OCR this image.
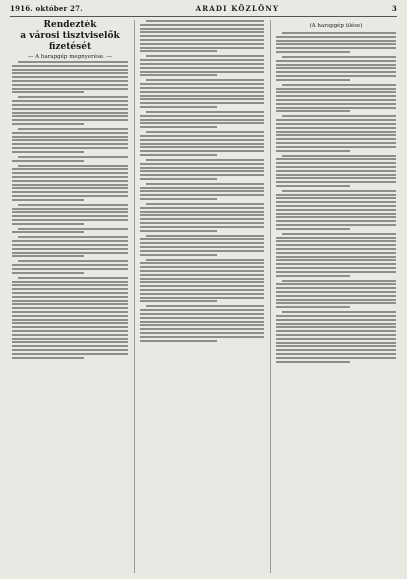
1916. október 27.	ARADI KÖZLÖNY	3
Rendezték
a városi tisztviselők fizetését
— A harapgép megnyerése. —
(A harapgép ülése)
